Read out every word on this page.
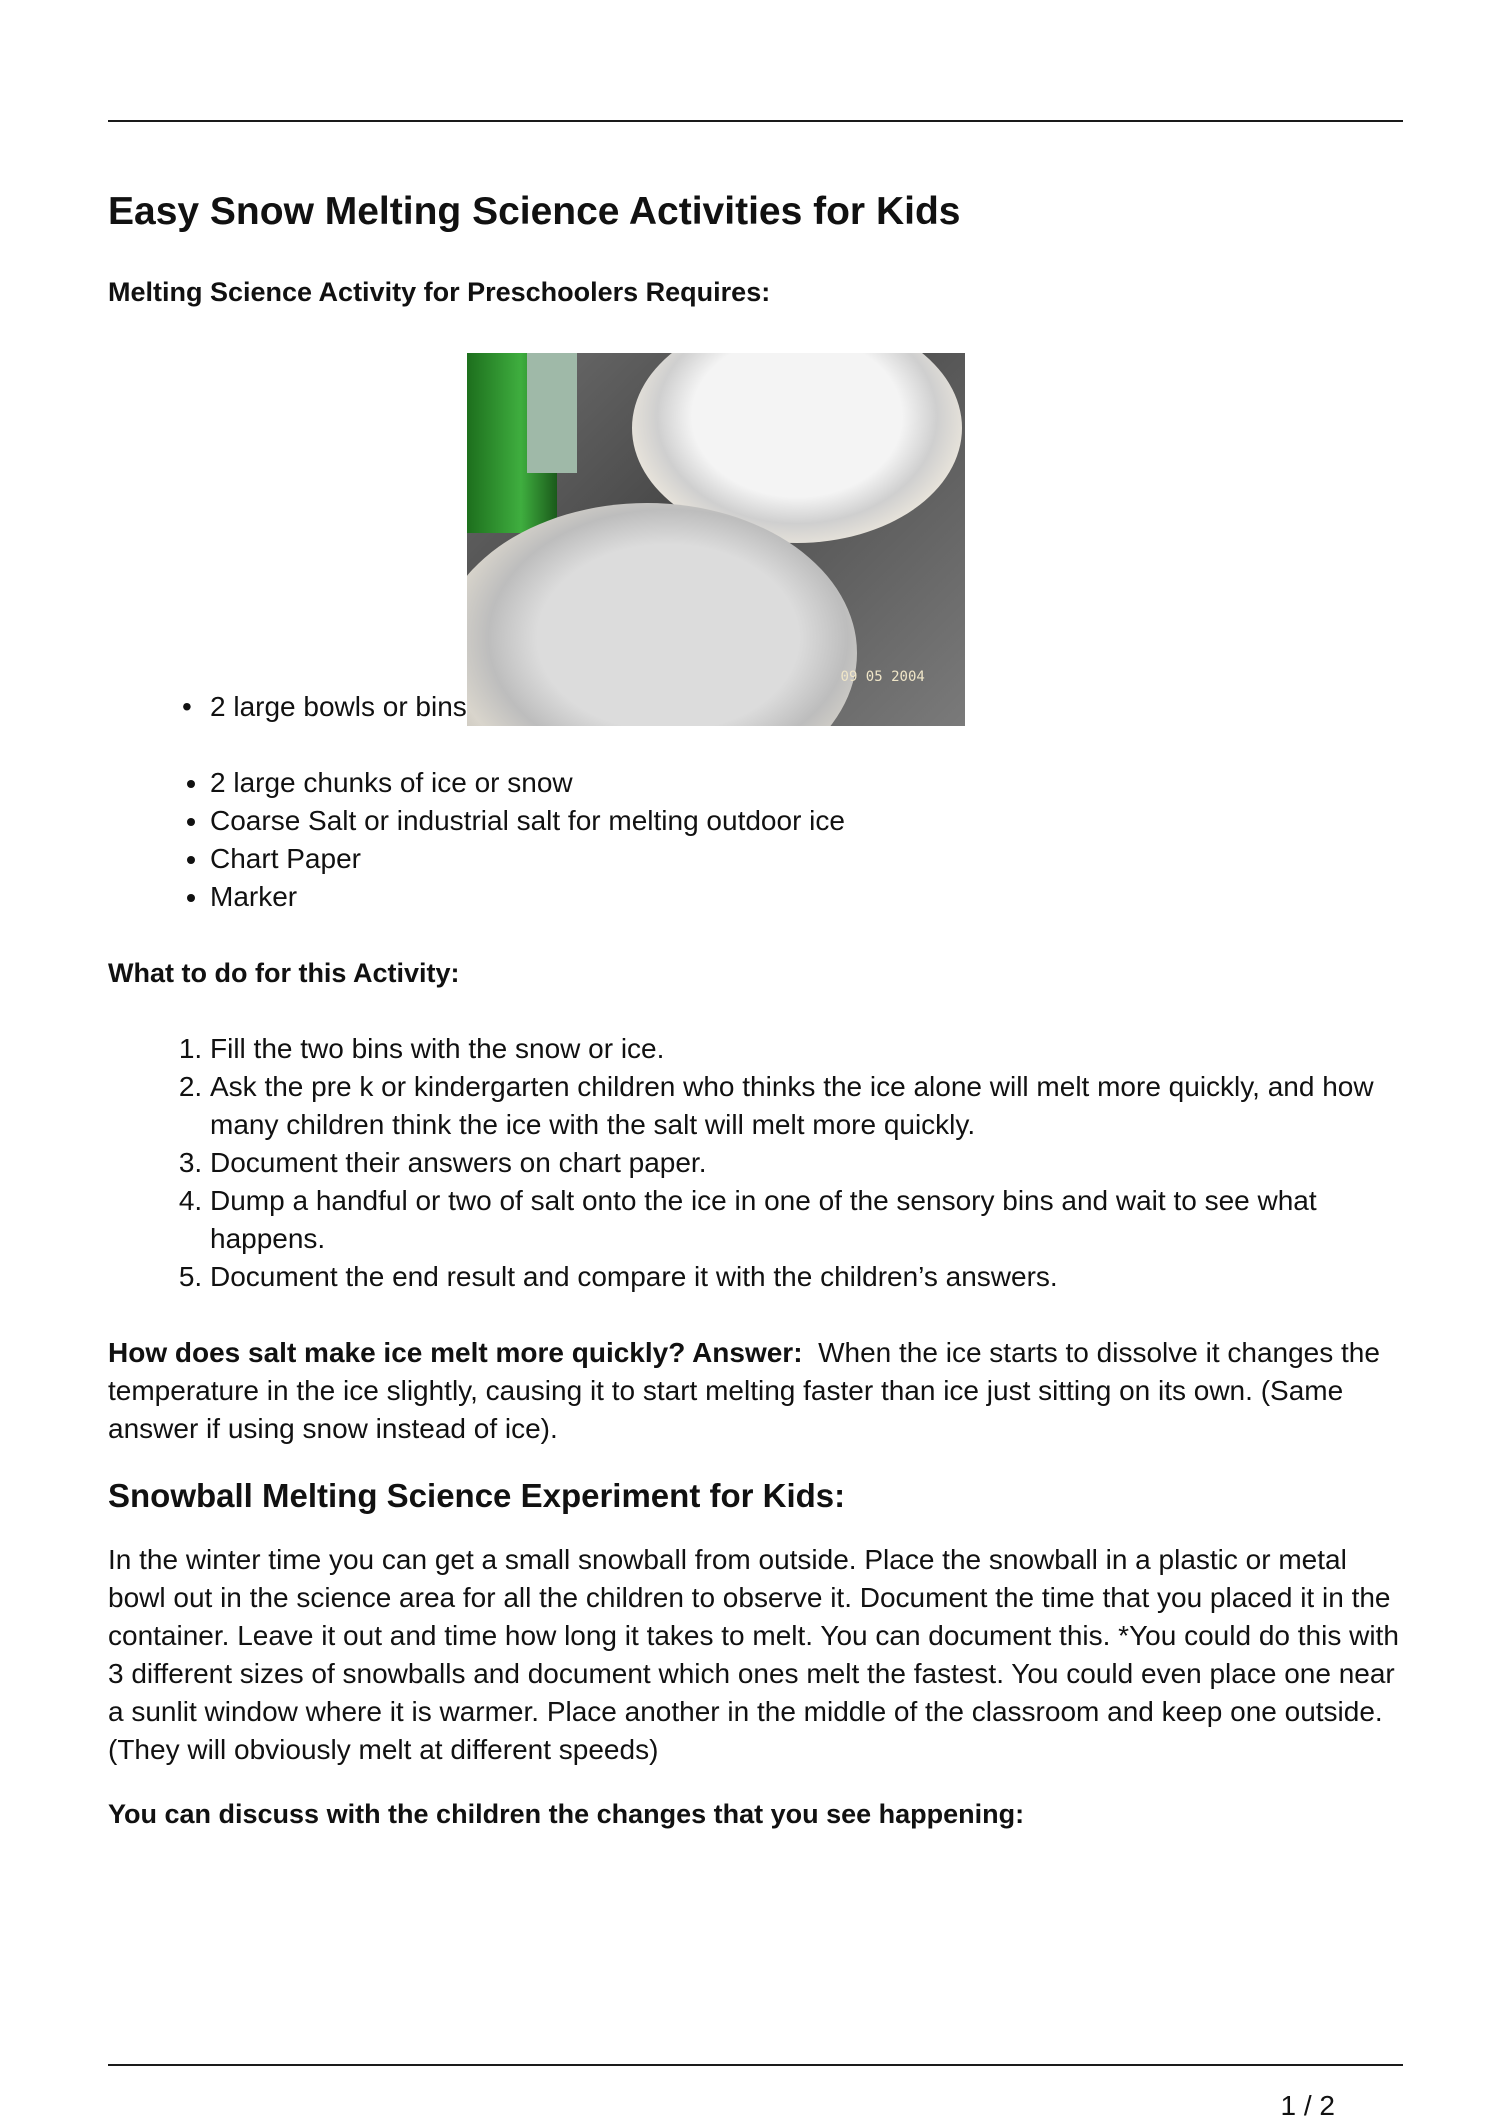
Easy Snow Melting Science Activities for Kids
Melting Science Activity for Preschoolers Requires:
• 2 large bowls or bins
09 05 2004
• 2 large chunks of ice or snow
• Coarse Salt or industrial salt for melting outdoor ice
• Chart Paper
• Marker
What to do for this Activity:
1. Fill the two bins with the snow or ice.
2. Ask the pre k or kindergarten children who thinks the ice alone will melt more quickly, and how many children think the ice with the salt will melt more quickly.
3. Document their answers on chart paper.
4. Dump a handful or two of salt onto the ice in one of the sensory bins and wait to see what happens.
5. Document the end result and compare it with the children’s answers.

How does salt make ice melt more quickly? Answer: When the ice starts to dissolve it changes the temperature in the ice slightly, causing it to start melting faster than ice just sitting on its own. (Same answer if using snow instead of ice).

Snowball Melting Science Experiment for Kids:

In the winter time you can get a small snowball from outside. Place the snowball in a plastic or metal bowl out in the science area for all the children to observe it. Document the time that you placed it in the container. Leave it out and time how long it takes to melt. You can document this. *You could do this with 3 different sizes of snowballs and document which ones melt the fastest. You could even place one near a sunlit window where it is warmer. Place another in the middle of the classroom and keep one outside. (They will obviously melt at different speeds)

You can discuss with the children the changes that you see happening:
1 / 2
